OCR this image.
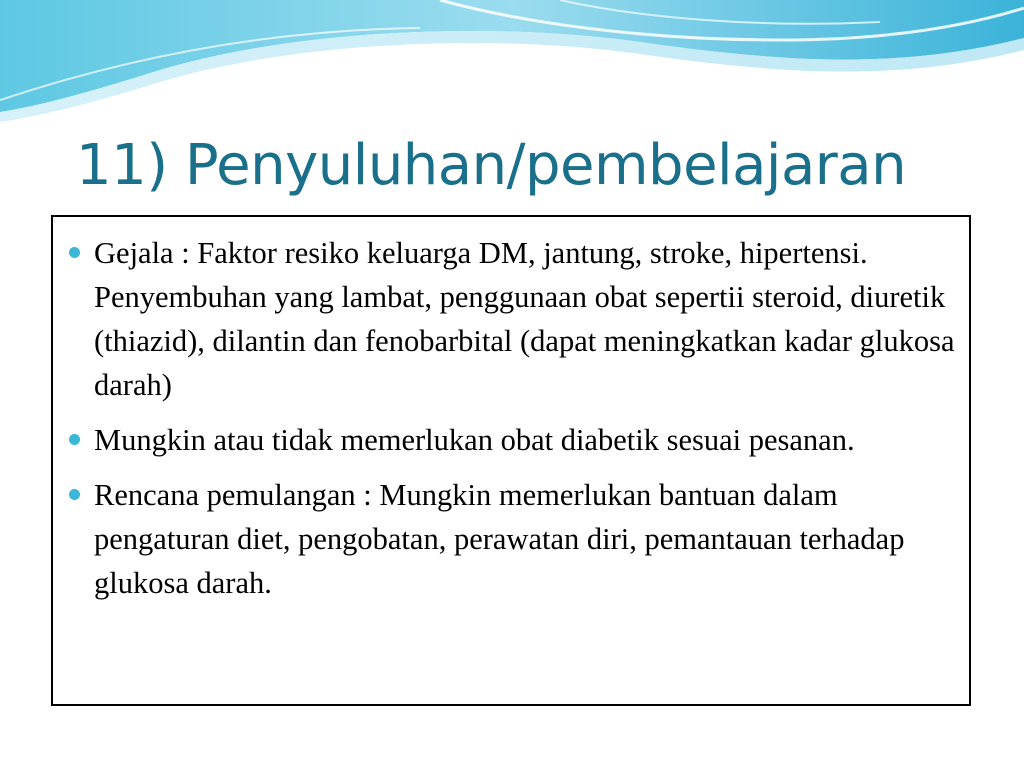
11) Penyuluhan/pembelajaran
Gejala : Faktor resiko keluarga DM, jantung, stroke, hipertensi. Penyembuhan yang lambat, penggunaan obat sepertii steroid, diuretik (thiazid), dilantin dan fenobarbital (dapat meningkatkan kadar glukosa darah)
Mungkin atau tidak memerlukan obat diabetik sesuai pesanan.
Rencana pemulangan : Mungkin memerlukan bantuan dalam pengaturan diet, pengobatan, perawatan diri, pemantauan terhadap glukosa darah.
